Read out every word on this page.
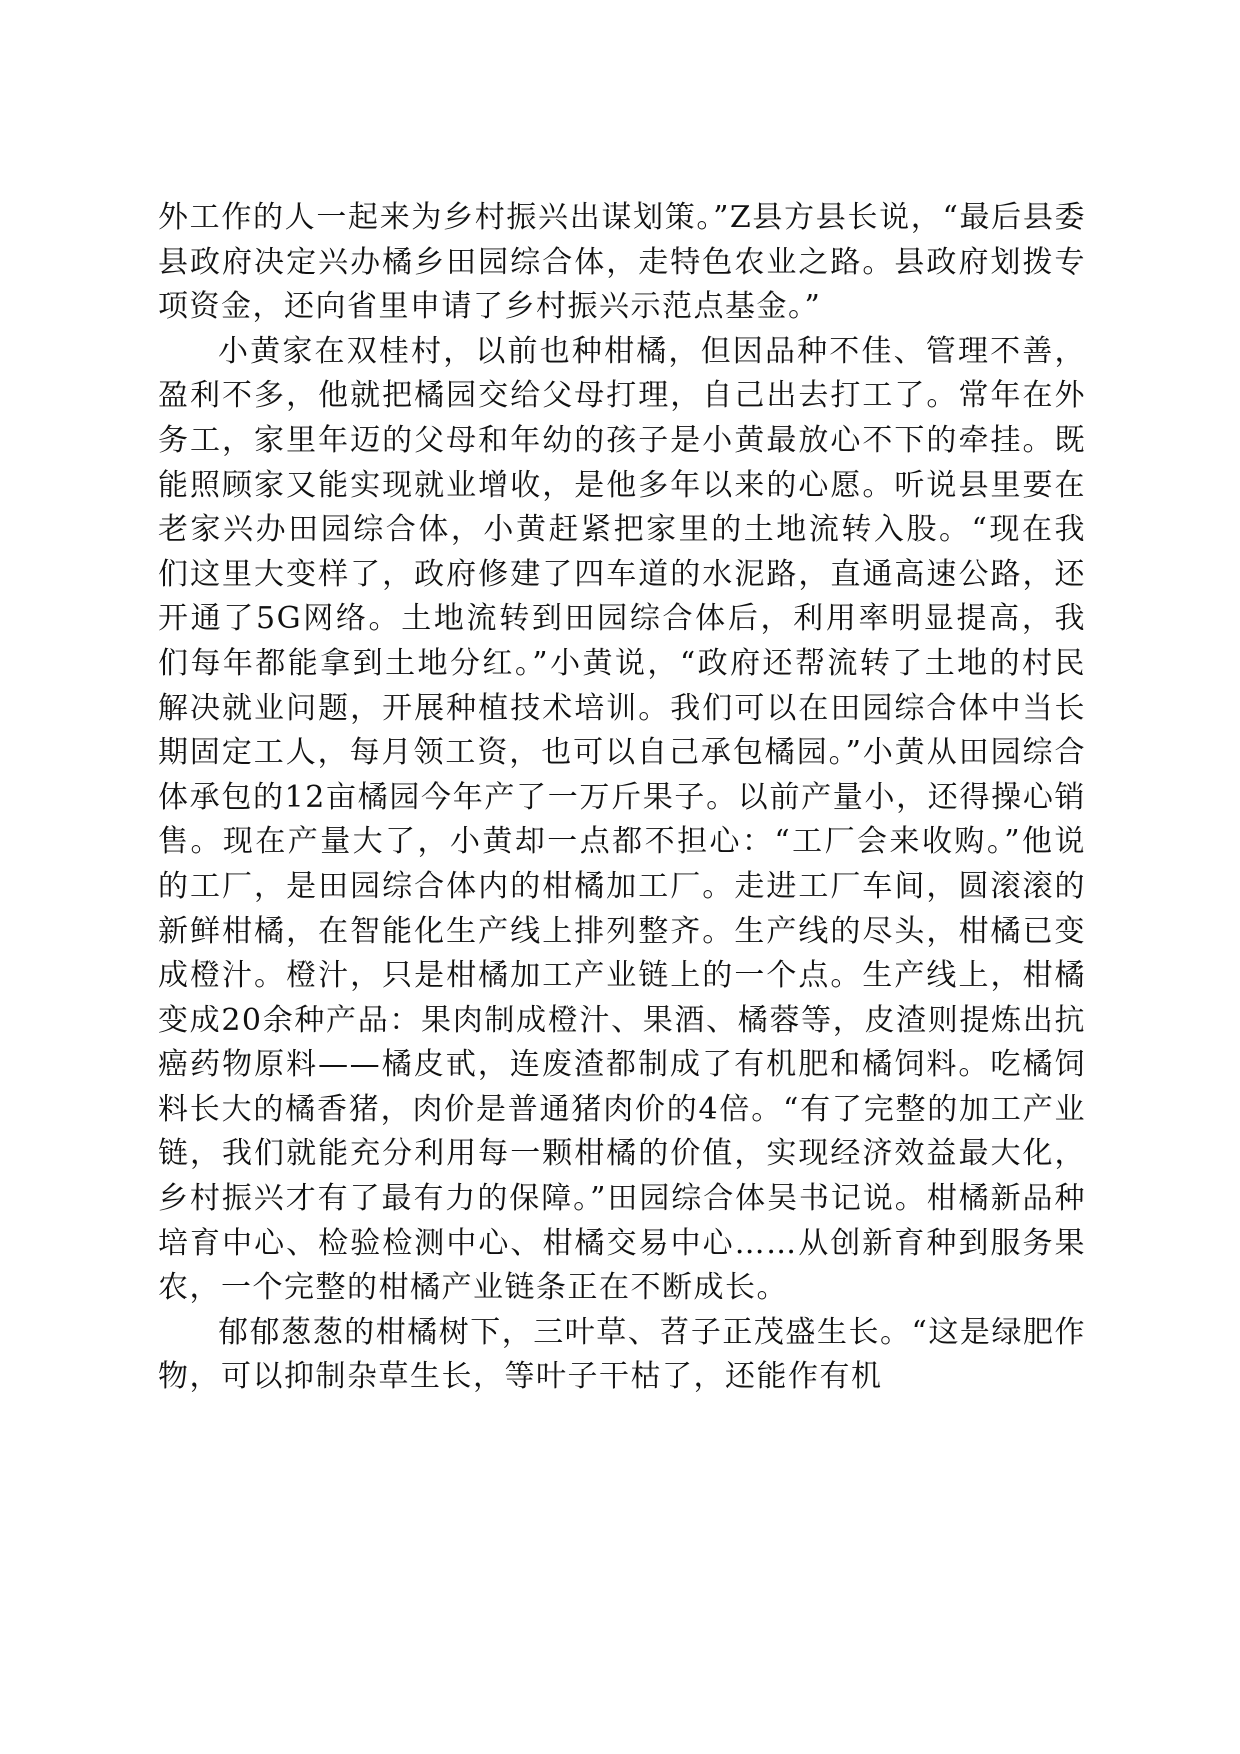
外工作的人一起来为乡村振兴出谋划策。”Z县方县长说，“最后县委县政府决定兴办橘乡田园综合体，走特色农业之路。县政府划拨专项资金，还向省里申请了乡村振兴示范点基金。”

小黄家在双桂村，以前也种柑橘，但因品种不佳、管理不善，盈利不多，他就把橘园交给父母打理，自己出去打工了。常年在外务工，家里年迈的父母和年幼的孩子是小黄最放心不下的牵挂。既能照顾家又能实现就业增收，是他多年以来的心愿。听说县里要在老家兴办田园综合体，小黄赶紧把家里的土地流转入股。“现在我们这里大变样了，政府修建了四车道的水泥路，直通高速公路，还开通了5G网络。土地流转到田园综合体后，利用率明显提高，我们每年都能拿到土地分红。”小黄说，“政府还帮流转了土地的村民解决就业问题，开展种植技术培训。我们可以在田园综合体中当长期固定工人，每月领工资，也可以自己承包橘园。”小黄从田园综合体承包的12亩橘园今年产了一万斤果子。以前产量小，还得操心销售。现在产量大了，小黄却一点都不担心：“工厂会来收购。”他说的工厂，是田园综合体内的柑橘加工厂。走进工厂车间，圆滚滚的新鲜柑橘，在智能化生产线上排列整齐。生产线的尽头，柑橘已变成橙汁。橙汁，只是柑橘加工产业链上的一个点。生产线上，柑橘变成20余种产品：果肉制成橙汁、果酒、橘蓉等，皮渣则提炼出抗癌药物原料——橘皮甙，连废渣都制成了有机肥和橘饲料。吃橘饲料长大的橘香猪，肉价是普通猪肉价的4倍。“有了完整的加工产业链，我们就能充分利用每一颗柑橘的价值，实现经济效益最大化，乡村振兴才有了最有力的保障。”田园综合体吴书记说。柑橘新品种培育中心、检验检测中心、柑橘交易中心……从创新育种到服务果农，一个完整的柑橘产业链条正在不断成长。

郁郁葱葱的柑橘树下，三叶草、苕子正茂盛生长。“这是绿肥作物，可以抑制杂草生长，等叶子干枯了，还能作有机
